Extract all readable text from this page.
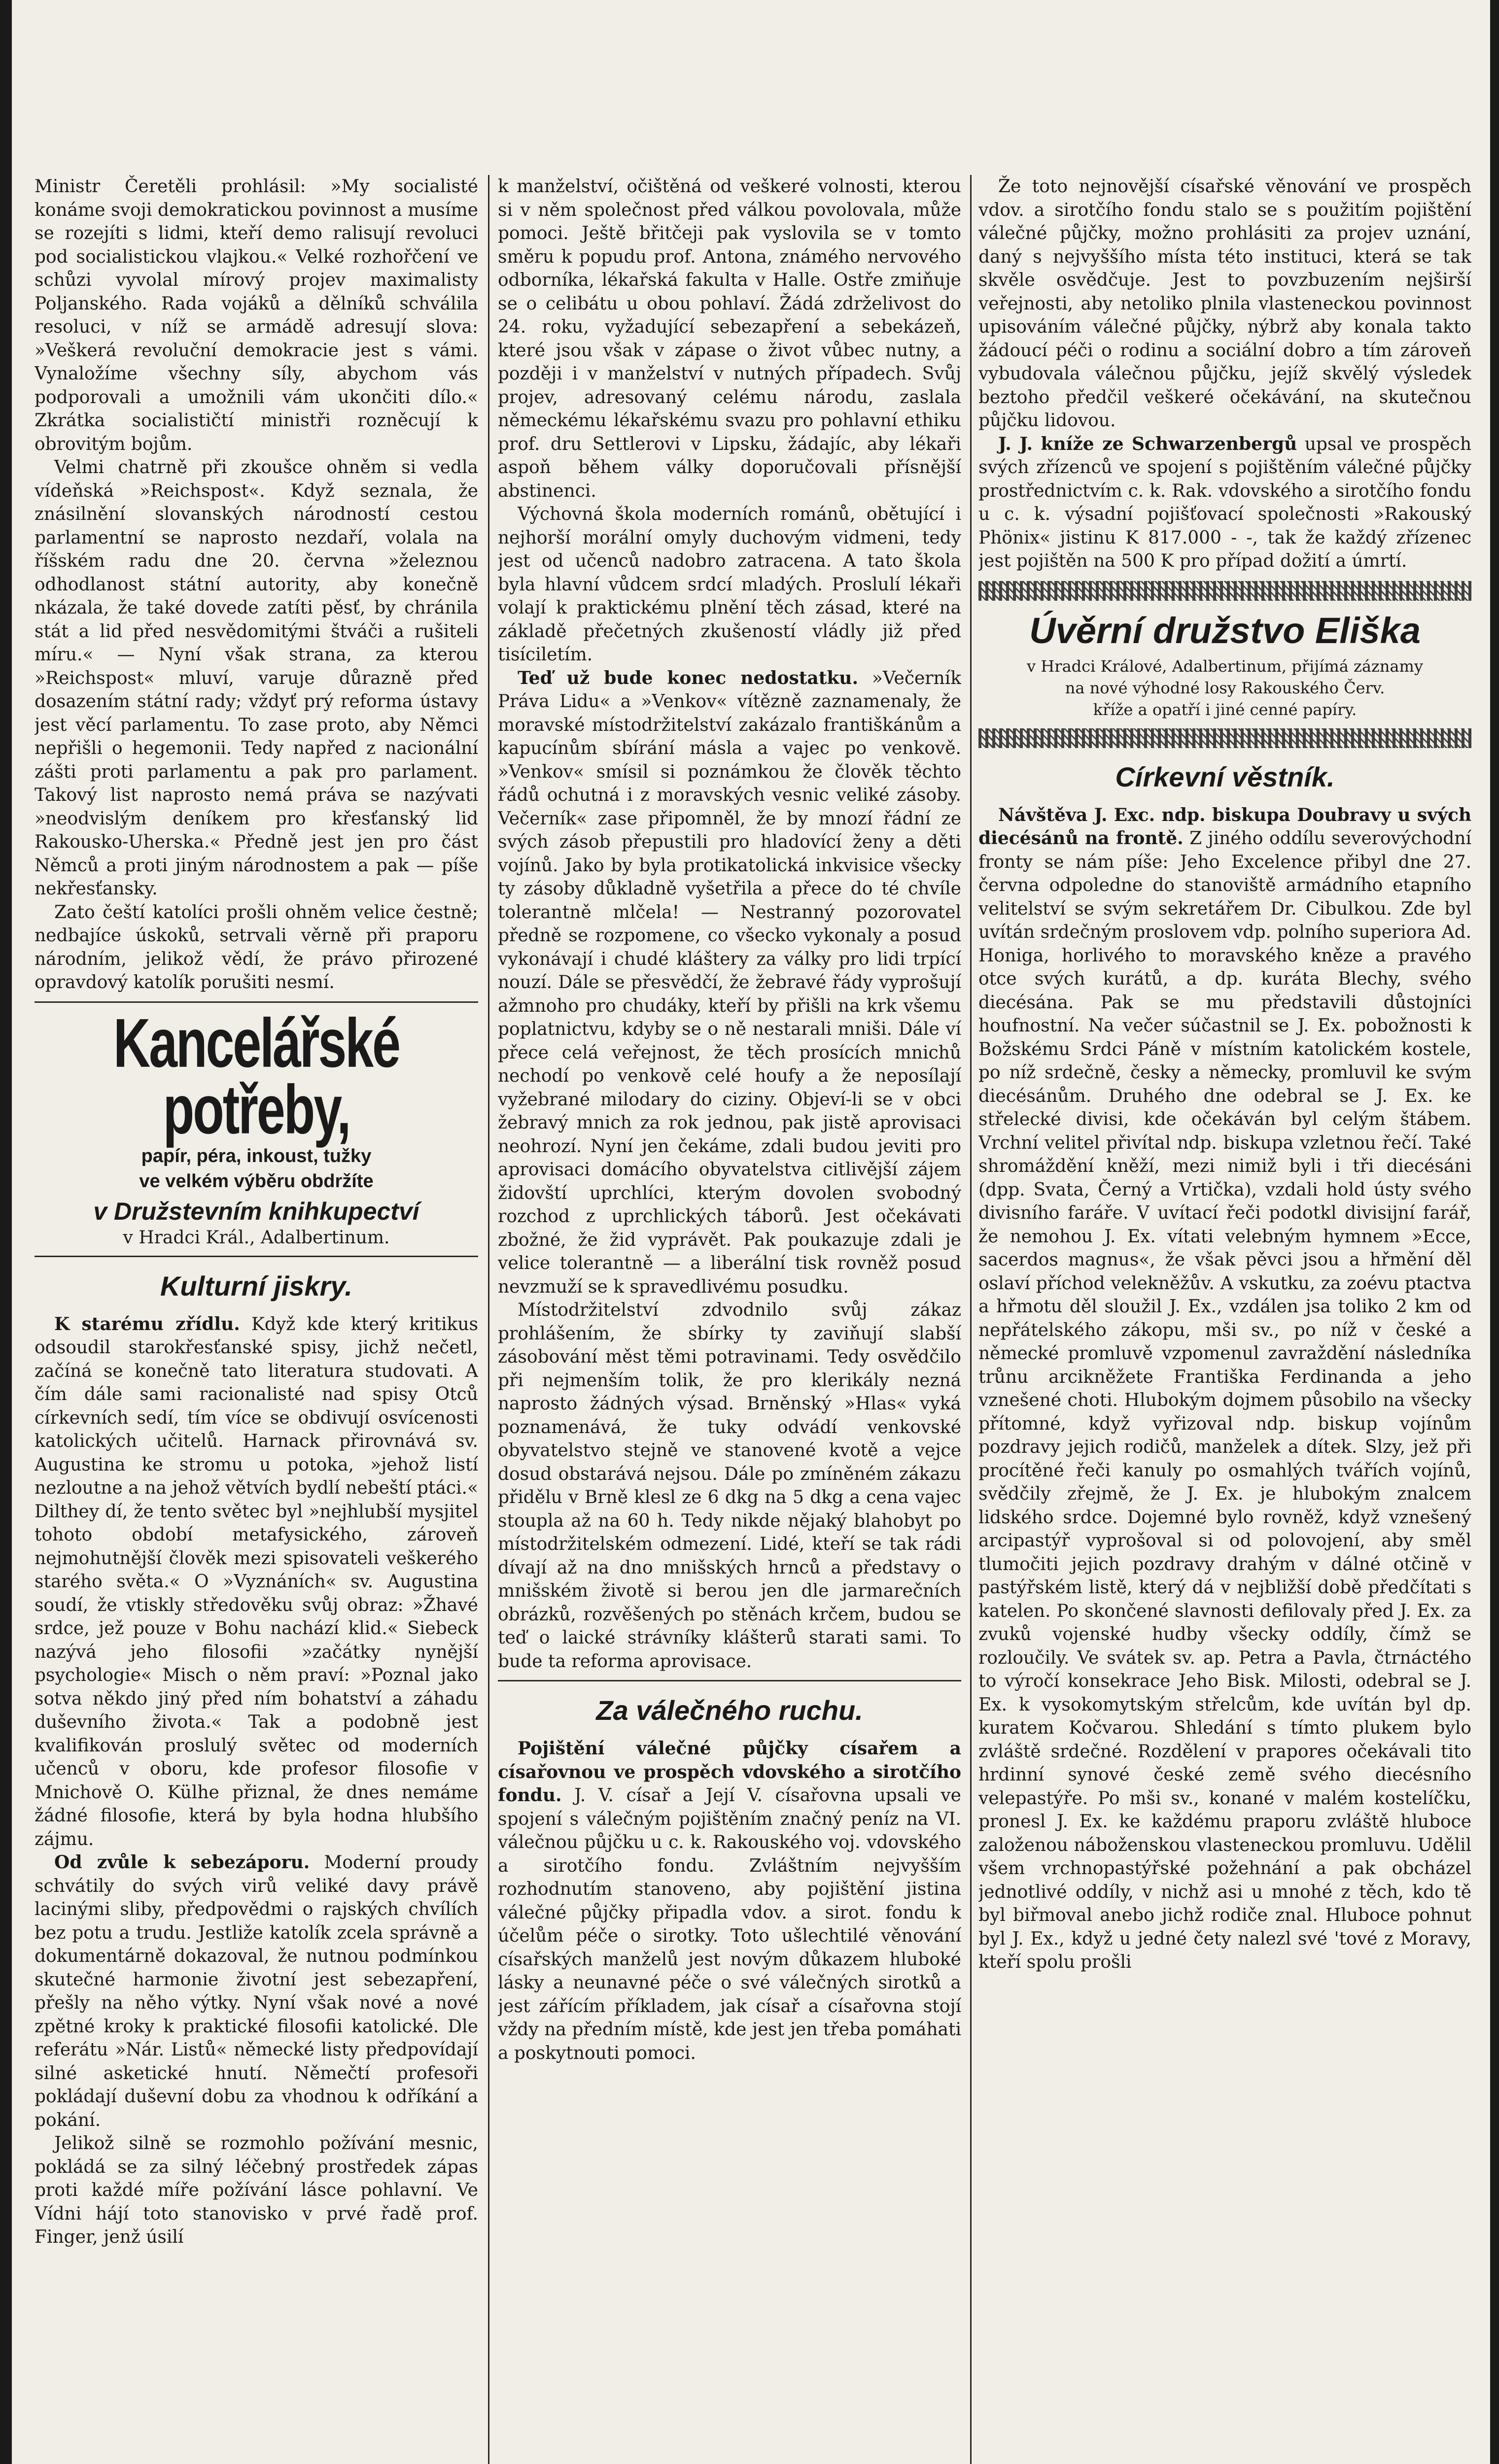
Ministr Čeretěli prohlásil: »My socialisté konáme svoji demokratickou povinnost a musíme se rozejíti s lidmi, kteří demo ralisují revoluci pod socialistickou vlajkou.« Velké rozhořčení ve schůzi vyvolal mírový projev maximalisty Poljanského. Rada vojáků a dělníků schválila resoluci, v níž se armádě adresují slova: »Veškerá revoluční demokracie jest s vámi. Vynaložíme všechny síly, abychom vás podporovali a umožnili vám ukončiti dílo.« Zkrátka socialističtí ministři rozněcují k obrovitým bojům.

Velmi chatrně při zkoušce ohněm si vedla vídeňská »Reichspost«. Když seznala, že znásilnění slovanských národností cestou parlamentní se naprosto nezdaří, volala na říšském radu dne 20. června »železnou odhodlanost státní autority, aby konečně nkázala, že také dovede zatíti pěsť, by chránila stát a lid před nesvědomitými štváči a rušiteli míru.« — Nyní však strana, za kterou »Reichspost« mluví, varuje důrazně před dosazením státní rady; vždyť prý reforma ústavy jest věcí parlamentu. To zase proto, aby Němci nepřišli o hegemonii. Tedy napřed z nacionální zášti proti parlamentu a pak pro parlament. Takový list naprosto nemá práva se nazývati »neodvislým deníkem pro křesťanský lid Rakousko-Uherska.« Předně jest jen pro část Němců a proti jiným národnostem a pak — píše nekřesťansky.

Zato čeští katolíci prošli ohněm velice čestně; nedbajíce úskoků, setrvali věrně při praporu národním, jelikož vědí, že právo přirozené opravdový katolík porušiti nesmí.

Kancelářské potřeby,
papír, péra, inkoust, tužky
ve velkém výběru obdržíte
v Družstevním knihkupectví
v Hradci Král., Adalbertinum.
Kulturní jiskry.

K starému zřídlu. Když kde který kritikus odsoudil starokřesťanské spisy, jichž nečetl, začíná se konečně tato literatura studovati. A čím dále sami racionalisté nad spisy Otců církevních sedí, tím více se obdivují osvícenosti katolických učitelů. Harnack přirovnává sv. Augustina ke stromu u potoka, »jehož listí nezloutne a na jehož větvích bydlí nebeští ptáci.« Dilthey dí, že tento světec byl »nejhlubší mysjitel tohoto období metafysického, zároveň nejmohutnější člověk mezi spisovateli veškerého starého světa.« O »Vyznáních« sv. Augustina soudí, že vtiskly středověku svůj obraz: »Žhavé srdce, jež pouze v Bohu nachází klid.« Siebeck nazývá jeho filosofii »začátky nynější psychologie« Misch o něm praví: »Poznal jako sotva někdo jiný před ním bohatství a záhadu duševního života.« Tak a podobně jest kvalifikován proslulý světec od moderních učenců v oboru, kde profesor filosofie v Mnichově O. Külhe přiznal, že dnes nemáme žádné filosofie, která by byla hodna hlubšího zájmu.

Od zvůle k sebezáporu. Moderní proudy schvátily do svých virů veliké davy právě lacinými sliby, předpovědmi o rajských chvílích bez potu a trudu. Jestliže katolík zcela správně a dokumentárně dokazoval, že nutnou podmínkou skutečné harmonie životní jest sebezapření, přešly na něho výtky. Nyní však nové a nové zpětné kroky k praktické filosofii katolické. Dle referátu »Nár. Listů« německé listy předpovídají silné asketické hnutí. Němečtí profesoři pokládají duševní dobu za vhodnou k odříkání a pokání.

Jelikož silně se rozmohlo požívání mesnic, pokládá se za silný léčebný prostředek zápas proti každé míře požívání lásce pohlavní. Ve Vídni hájí toto stanovisko v prvé řadě prof. Finger, jenž úsilí

k manželství, očištěná od veškeré volnosti, kterou si v něm společnost před válkou povolovala, může pomoci. Ještě břitčeji pak vyslovila se v tomto směru k popudu prof. Antona, známého nervového odborníka, lékařská fakulta v Halle. Ostře zmiňuje se o celibátu u obou pohlaví. Žádá zdrželivost do 24. roku, vyžadující sebezapření a sebekázeň, které jsou však v zápase o život vůbec nutny, a později i v manželství v nutných případech. Svůj projev, adresovaný celému národu, zaslala německému lékařskému svazu pro pohlavní ethiku prof. dru Settlerovi v Lipsku, žádajíc, aby lékaři aspoň během války doporučovali přísnější abstinenci.

Výchovná škola moderních románů, obětující i nejhorší morální omyly duchovým vidmeni, tedy jest od učenců nadobro zatracena. A tato škola byla hlavní vůdcem srdcí mladých. Proslulí lékaři volají k praktickému plnění těch zásad, které na základě přečetných zkušeností vládly již před tisíciletím.

Teď už bude konec nedostatku. »Večerník Práva Lidu« a »Venkov« vítězně zaznamenaly, že moravské místodržitelství zakázalo františkánům a kapucínům sbírání másla a vajec po venkově. »Venkov« smísil si poznámkou že člověk těchto řádů ochutná i z moravských vesnic veliké zásoby. Večerník« zase připomněl, že by mnozí řádní ze svých zásob přepustili pro hladovící ženy a děti vojínů. Jako by byla protikatolická inkvisice všecky ty zásoby důkladně vyšetřila a přece do té chvíle tolerantně mlčela! — Nestranný pozorovatel předně se rozpomene, co všecko vykonaly a posud vykonávají i chudé kláštery za války pro lidi trpící nouzí. Dále se přesvědčí, že žebravé řády vyprošují ažmnoho pro chudáky, kteří by přišli na krk všemu poplatnictvu, kdyby se o ně nestarali mniši. Dále ví přece celá veřejnost, že těch prosících mnichů nechodí po venkově celé houfy a že neposílají vyžebrané milodary do ciziny. Objeví-li se v obci žebravý mnich za rok jednou, pak jistě aprovisaci neohrozí. Nyní jen čekáme, zdali budou jeviti pro aprovisaci domácího obyvatelstva citlivější zájem židovští uprchlíci, kterým dovolen svobodný rozchod z uprchlických táborů. Jest očekávati zbožné, že žid vyprávět. Pak poukazuje zdali je velice tolerantně — a liberální tisk rovněž posud nevzmuží se k spravedlivému posudku.

Místodržitelství zdvodnilo svůj zákaz prohlášením, že sbírky ty zaviňují slabší zásobování měst těmi potravinami. Tedy osvědčilo při nejmenším tolik, že pro klerikály nezná naprosto žádných výsad. Brněnský »Hlas« vyká poznamenává, že tuky odvádí venkovské obyvatelstvo stejně ve stanovené kvotě a vejce dosud obstarává nejsou. Dále po zmíněném zákazu přidělu v Brně klesl ze 6 dkg na 5 dkg a cena vajec stoupla až na 60 h. Tedy nikde nějaký blahobyt po místodržitelském odmezení. Lidé, kteří se tak rádi dívají až na dno mnišských hrnců a představy o mnišském životě si berou jen dle jarmarečních obrázků, rozvěšených po stěnách krčem, budou se teď o laické strávníky klášterů starati sami. To bude ta reforma aprovisace.

Za válečného ruchu.

Pojištění válečné půjčky císařem a císařovnou ve prospěch vdovského a sirotčího fondu. J. V. císař a Její V. císařovna upsali ve spojení s válečným pojištěním značný peníz na VI. válečnou půjčku u c. k. Rakouského voj. vdovského a sirotčího fondu. Zvláštním nejvyšším rozhodnutím stanoveno, aby pojištění jistina válečné půjčky připadla vdov. a sirot. fondu k účelům péče o sirotky. Toto ušlechtilé věnování císařských manželů jest novým důkazem hluboké lásky a neunavné péče o své válečných sirotků a jest zářícím příkladem, jak císař a císařovna stojí vždy na předním místě, kde jest jen třeba pomáhati a poskytnouti pomoci.

Že toto nejnovější císařské věnování ve prospěch vdov. a sirotčího fondu stalo se s použitím pojištění válečné půjčky, možno prohlásiti za projev uznání, daný s nejvyššího místa této instituci, která se tak skvěle osvědčuje. Jest to povzbuzením nejširší veřejnosti, aby netoliko plnila vlasteneckou povinnost upisováním válečné půjčky, nýbrž aby konala takto žádoucí péči o rodinu a sociální dobro a tím zároveň vybudovala válečnou půjčku, jejíž skvělý výsledek beztoho předčil veškeré očekávání, na skutečnou půjčku lidovou.

J. J. kníže ze Schwarzenbergů upsal ve prospěch svých zřízenců ve spojení s pojištěním válečné půjčky prostřednictvím c. k. Rak. vdovského a sirotčího fondu u c. k. výsadní pojišťovací společnosti »Rakouský Phönix« jistinu K 817.000 - -, tak že každý zřízenec jest pojištěn na 500 K pro případ dožití a úmrtí.

Úvěrní družstvo Eliška
v Hradci Králové, Adalbertinum, přijímá záznamy
na nové výhodné losy Rakouského Červ.
kříže a opatří i jiné cenné papíry.
Církevní věstník.

Návštěva J. Exc. ndp. biskupa Doubravy u svých diecésánů na frontě. Z jiného oddílu severovýchodní fronty se nám píše: Jeho Excelence přibyl dne 27. června odpoledne do stanoviště armádního etapního velitelství se svým sekretářem Dr. Cibulkou. Zde byl uvítán srdečným proslovem vdp. polního superiora Ad. Honiga, horlivého to moravského kněze a pravého otce svých kurátů, a dp. kuráta Blechy, svého diecésána. Pak se mu představili důstojníci houfnostní. Na večer súčastnil se J. Ex. pobožnosti k Božskému Srdci Páně v místním katolickém kostele, po níž srdečně, česky a německy, promluvil ke svým diecésánům. Druhého dne odebral se J. Ex. ke střelecké divisi, kde očekáván byl celým štábem. Vrchní velitel přivítal ndp. biskupa vzletnou řečí. Také shromáždění kněží, mezi nimiž byli i tři diecésáni (dpp. Svata, Černý a Vrtička), vzdali hold ústy svého divisního faráře. V uvítací řeči podotkl divisijní farář, že nemohou J. Ex. vítati velebným hymnem »Ecce, sacerdos magnus«, že však pěvci jsou a hřmění děl oslaví příchod velekněžův. A vskutku, za zoévu ptactva a hřmotu děl sloužil J. Ex., vzdálen jsa toliko 2 km od nepřátelského zákopu, mši sv., po níž v české a německé promluvě vzpomenul zavraždění následníka trůnu arcikněžete Františka Ferdinanda a jeho vznešené choti. Hlubokým dojmem působilo na všecky přítomné, když vyřizoval ndp. biskup vojínům pozdravy jejich rodičů, manželek a dítek. Slzy, jež při procítěné řeči kanuly po osmahlých tvářích vojínů, svědčily zřejmě, že J. Ex. je hlubokým znalcem lidského srdce. Dojemné bylo rovněž, když vznešený arcipastýř vyprošoval si od polovojení, aby směl tlumočiti jejich pozdravy drahým v dálné otčině v pastýřském listě, který dá v nejbližší době předčítati s katelen. Po skončené slavnosti defilovaly před J. Ex. za zvuků vojenské hudby všecky oddíly, čímž se rozloučily. Ve svátek sv. ap. Petra a Pavla, čtrnáctého to výročí konsekrace Jeho Bisk. Milosti, odebral se J. Ex. k vysokomytským střelcům, kde uvítán byl dp. kuratem Kočvarou. Shledání s tímto plukem bylo zvláště srdečné. Rozdělení v prapores očekávali tito hrdinní synové české země svého diecésního velepastýře. Po mši sv., konané v malém kostelíčku, pronesl J. Ex. ke každému praporu zvláště hluboce založenou náboženskou vlasteneckou promluvu. Udělil všem vrchnopastýřské požehnání a pak obcházel jednotlivé oddíly, v nichž asi u mnohé z těch, kdo tě byl biřmoval anebo jichž rodiče znal. Hluboce pohnut byl J. Ex., když u jedné čety nalezl své 'tové z Moravy, kteří spolu prošli
